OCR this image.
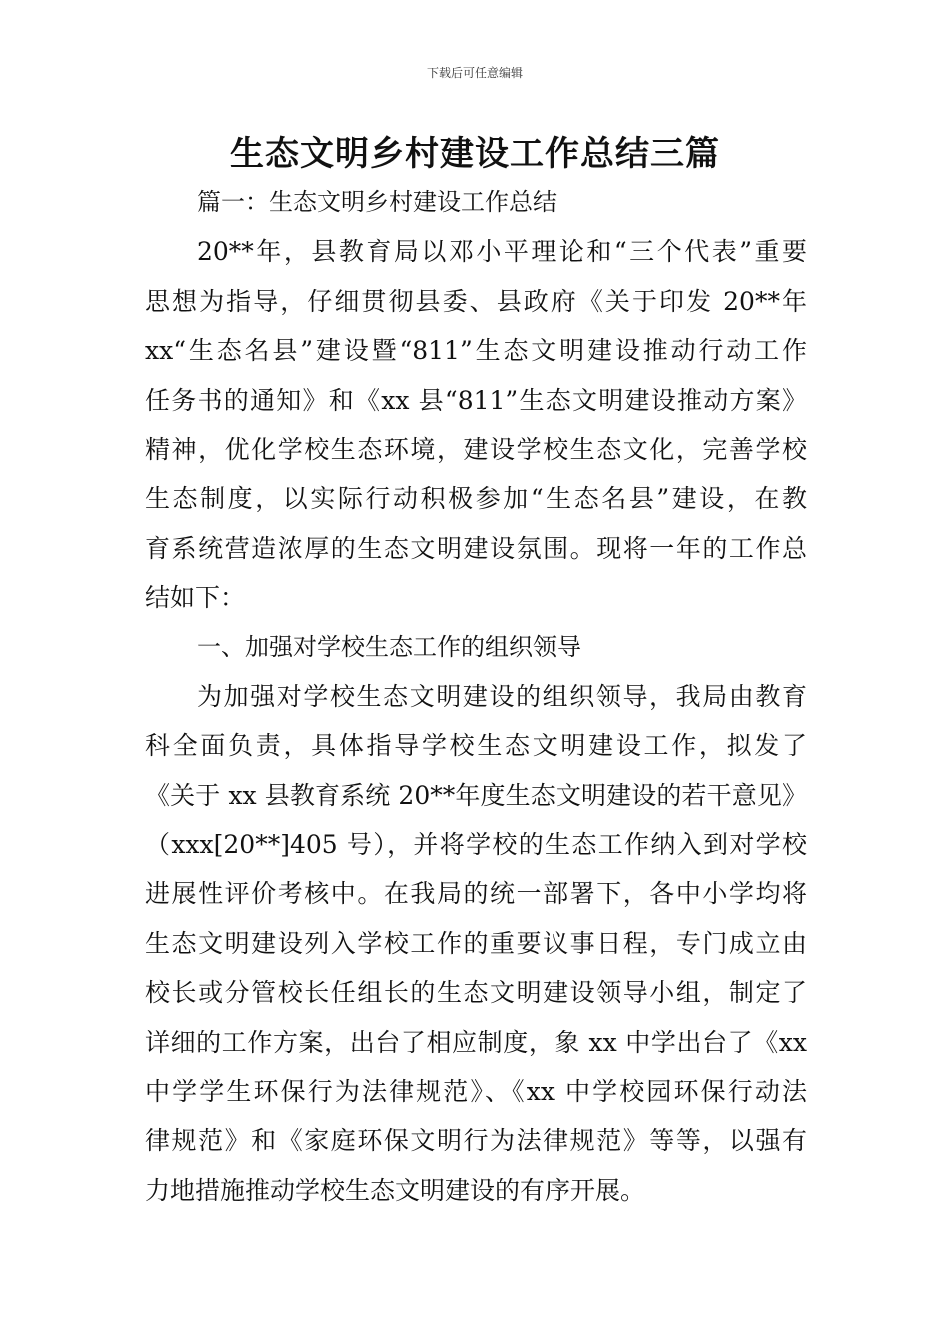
下载后可任意编辑
生态文明乡村建设工作总结三篇
篇一：生态文明乡村建设工作总结
20**年，县教育局以邓小平理论和“三个代表”重要
思想为指导，仔细贯彻县委、县政府《关于印发 20**年
xx“生态名县”建设暨“811”生态文明建设推动行动工作
任务书的通知》和《xx 县“811”生态文明建设推动方案》
精神，优化学校生态环境，建设学校生态文化，完善学校
生态制度，以实际行动积极参加“生态名县”建设，在教
育系统营造浓厚的生态文明建设氛围。现将一年的工作总
结如下：
一、加强对学校生态工作的组织领导
为加强对学校生态文明建设的组织领导，我局由教育
科全面负责，具体指导学校生态文明建设工作，拟发了
《关于 xx 县教育系统 20**年度生态文明建设的若干意见》
（xxx[20**]405 号），并将学校的生态工作纳入到对学校
进展性评价考核中。在我局的统一部署下，各中小学均将
生态文明建设列入学校工作的重要议事日程，专门成立由
校长或分管校长任组长的生态文明建设领导小组，制定了
详细的工作方案，出台了相应制度，象 xx 中学出台了《xx
中学学生环保行为法律规范》、《xx 中学校园环保行动法
律规范》和《家庭环保文明行为法律规范》等等，以强有
力地措施推动学校生态文明建设的有序开展。
